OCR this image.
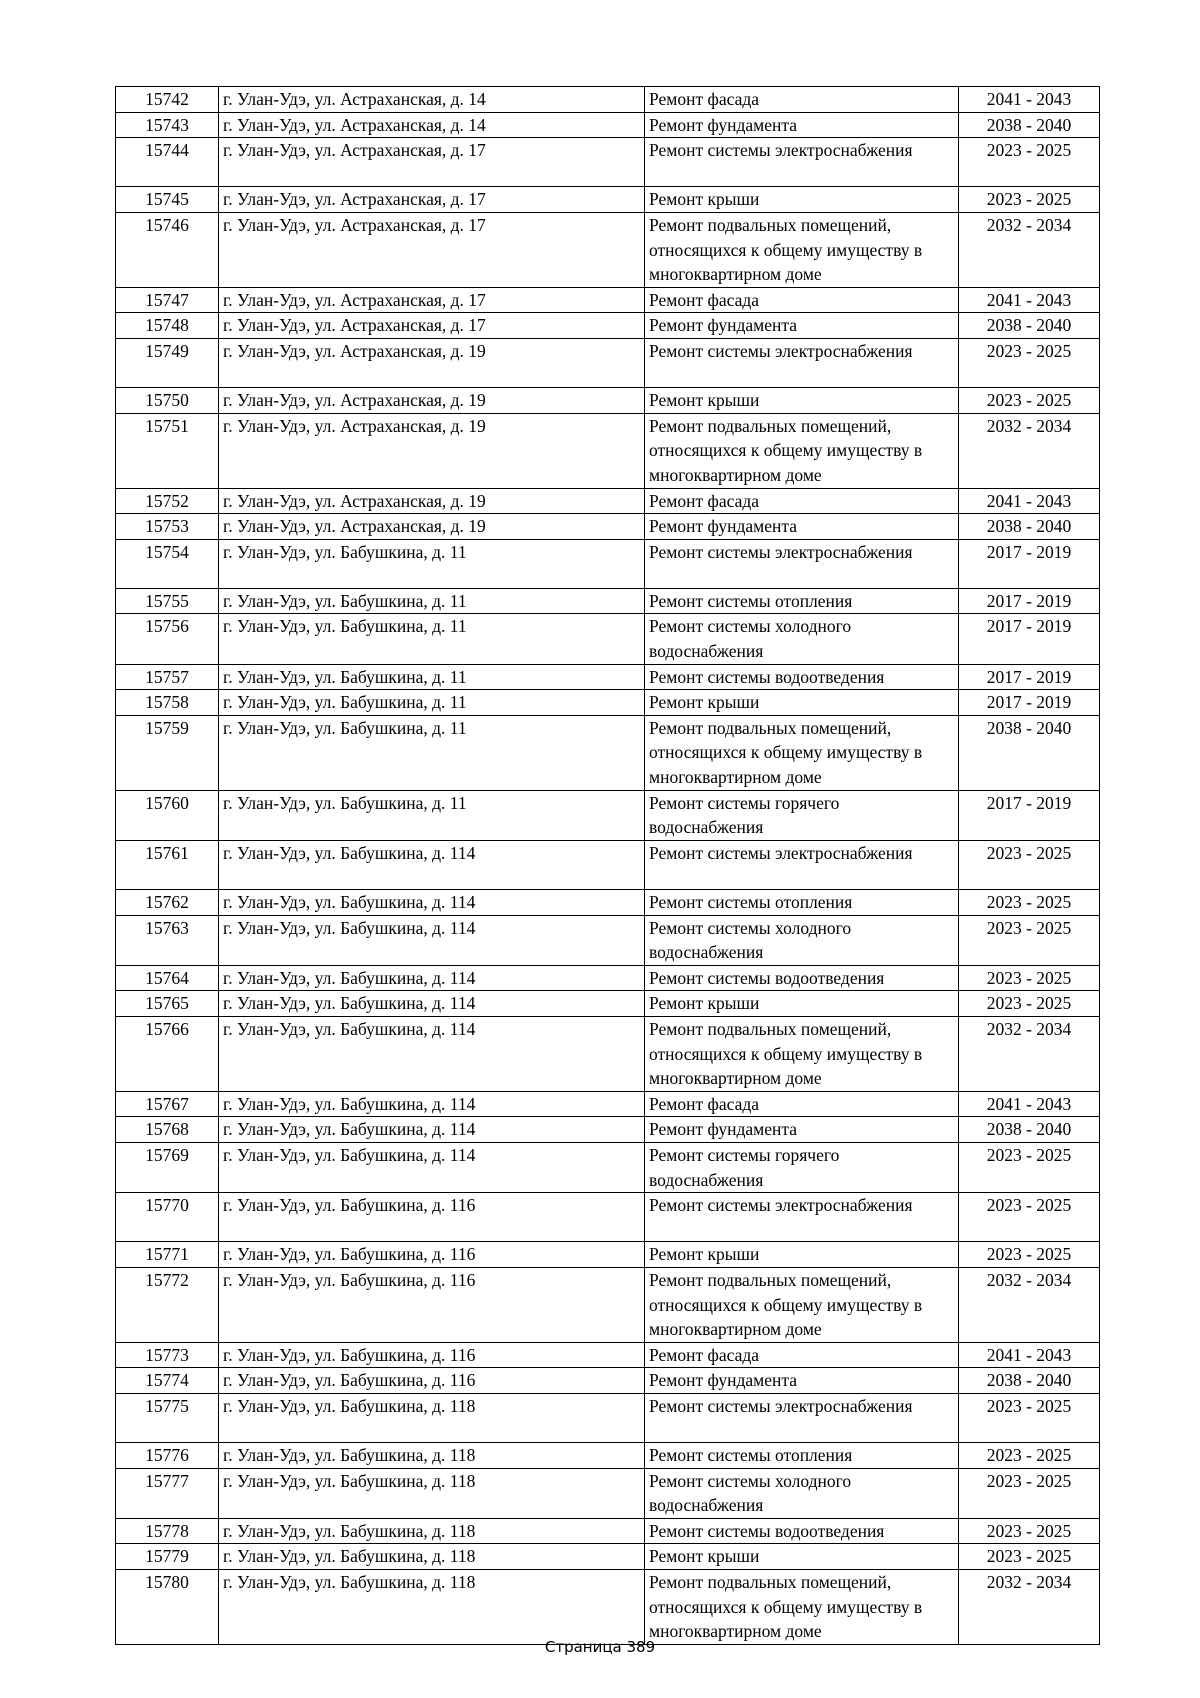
15742	г. Улан-Удэ, ул. Астраханская, д. 14	Ремонт фасада	2041 - 2043
15743	г. Улан-Удэ, ул. Астраханская, д. 14	Ремонт фундамента	2038 - 2040
15744	г. Улан-Удэ, ул. Астраханская, д. 17	Ремонт системы электроснабжения	2023 - 2025
15745	г. Улан-Удэ, ул. Астраханская, д. 17	Ремонт крыши	2023 - 2025
15746	г. Улан-Удэ, ул. Астраханская, д. 17	Ремонт подвальных помещений, относящихся к общему имуществу в многоквартирном доме	2032 - 2034
15747	г. Улан-Удэ, ул. Астраханская, д. 17	Ремонт фасада	2041 - 2043
15748	г. Улан-Удэ, ул. Астраханская, д. 17	Ремонт фундамента	2038 - 2040
15749	г. Улан-Удэ, ул. Астраханская, д. 19	Ремонт системы электроснабжения	2023 - 2025
15750	г. Улан-Удэ, ул. Астраханская, д. 19	Ремонт крыши	2023 - 2025
15751	г. Улан-Удэ, ул. Астраханская, д. 19	Ремонт подвальных помещений, относящихся к общему имуществу в многоквартирном доме	2032 - 2034
15752	г. Улан-Удэ, ул. Астраханская, д. 19	Ремонт фасада	2041 - 2043
15753	г. Улан-Удэ, ул. Астраханская, д. 19	Ремонт фундамента	2038 - 2040
15754	г. Улан-Удэ, ул. Бабушкина, д. 11	Ремонт системы электроснабжения	2017 - 2019
15755	г. Улан-Удэ, ул. Бабушкина, д. 11	Ремонт системы отопления	2017 - 2019
15756	г. Улан-Удэ, ул. Бабушкина, д. 11	Ремонт системы холодного водоснабжения	2017 - 2019
15757	г. Улан-Удэ, ул. Бабушкина, д. 11	Ремонт системы водоотведения	2017 - 2019
15758	г. Улан-Удэ, ул. Бабушкина, д. 11	Ремонт крыши	2017 - 2019
15759	г. Улан-Удэ, ул. Бабушкина, д. 11	Ремонт подвальных помещений, относящихся к общему имуществу в многоквартирном доме	2038 - 2040
15760	г. Улан-Удэ, ул. Бабушкина, д. 11	Ремонт системы горячего водоснабжения	2017 - 2019
15761	г. Улан-Удэ, ул. Бабушкина, д. 114	Ремонт системы электроснабжения	2023 - 2025
15762	г. Улан-Удэ, ул. Бабушкина, д. 114	Ремонт системы отопления	2023 - 2025
15763	г. Улан-Удэ, ул. Бабушкина, д. 114	Ремонт системы холодного водоснабжения	2023 - 2025
15764	г. Улан-Удэ, ул. Бабушкина, д. 114	Ремонт системы водоотведения	2023 - 2025
15765	г. Улан-Удэ, ул. Бабушкина, д. 114	Ремонт крыши	2023 - 2025
15766	г. Улан-Удэ, ул. Бабушкина, д. 114	Ремонт подвальных помещений, относящихся к общему имуществу в многоквартирном доме	2032 - 2034
15767	г. Улан-Удэ, ул. Бабушкина, д. 114	Ремонт фасада	2041 - 2043
15768	г. Улан-Удэ, ул. Бабушкина, д. 114	Ремонт фундамента	2038 - 2040
15769	г. Улан-Удэ, ул. Бабушкина, д. 114	Ремонт системы горячего водоснабжения	2023 - 2025
15770	г. Улан-Удэ, ул. Бабушкина, д. 116	Ремонт системы электроснабжения	2023 - 2025
15771	г. Улан-Удэ, ул. Бабушкина, д. 116	Ремонт крыши	2023 - 2025
15772	г. Улан-Удэ, ул. Бабушкина, д. 116	Ремонт подвальных помещений, относящихся к общему имуществу в многоквартирном доме	2032 - 2034
15773	г. Улан-Удэ, ул. Бабушкина, д. 116	Ремонт фасада	2041 - 2043
15774	г. Улан-Удэ, ул. Бабушкина, д. 116	Ремонт фундамента	2038 - 2040
15775	г. Улан-Удэ, ул. Бабушкина, д. 118	Ремонт системы электроснабжения	2023 - 2025
15776	г. Улан-Удэ, ул. Бабушкина, д. 118	Ремонт системы отопления	2023 - 2025
15777	г. Улан-Удэ, ул. Бабушкина, д. 118	Ремонт системы холодного водоснабжения	2023 - 2025
15778	г. Улан-Удэ, ул. Бабушкина, д. 118	Ремонт системы водоотведения	2023 - 2025
15779	г. Улан-Удэ, ул. Бабушкина, д. 118	Ремонт крыши	2023 - 2025
15780	г. Улан-Удэ, ул. Бабушкина, д. 118	Ремонт подвальных помещений, относящихся к общему имуществу в многоквартирном доме	2032 - 2034
Страница 389
